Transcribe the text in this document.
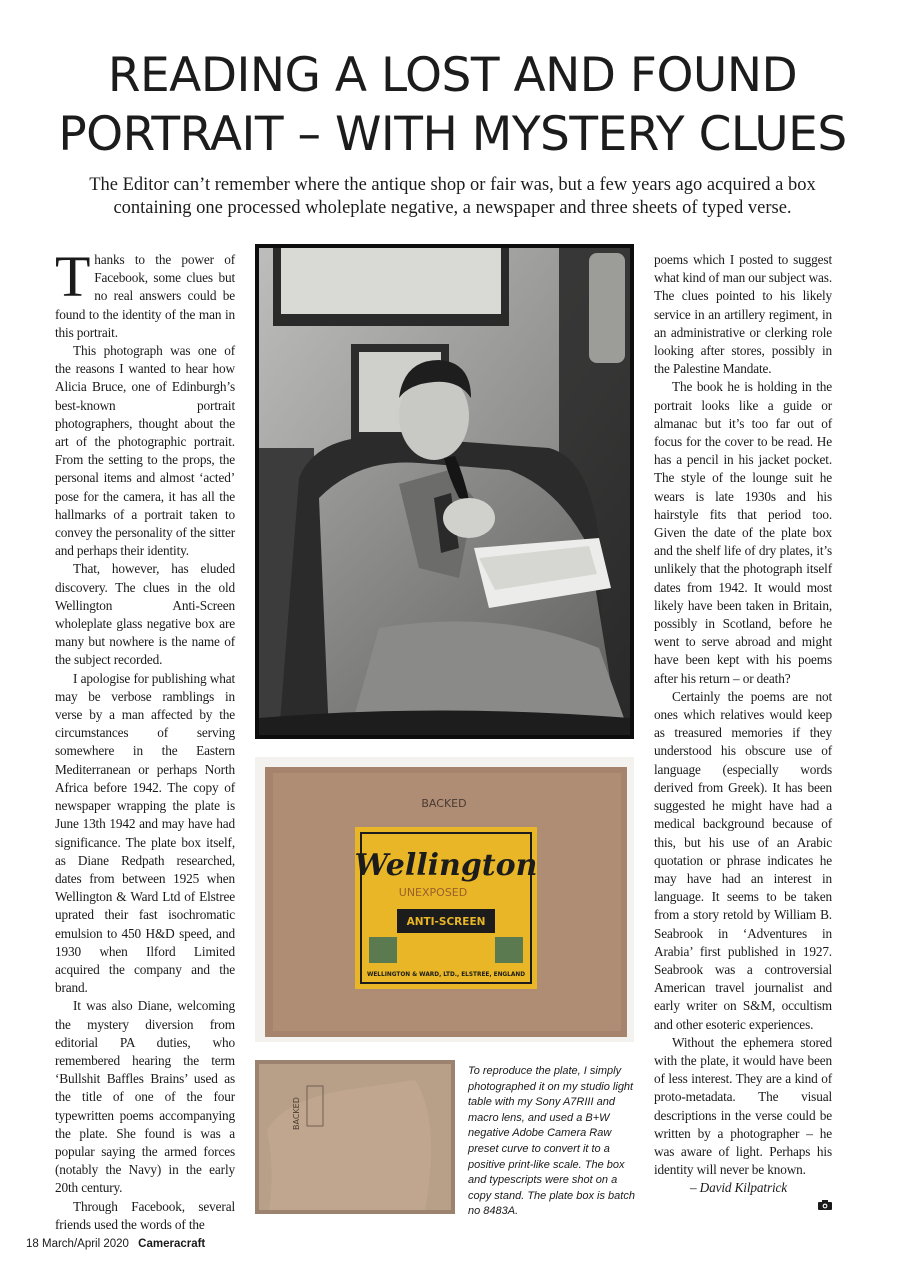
READING A LOST AND FOUND
PORTRAIT – WITH MYSTERY CLUES

The Editor can’t remember where the antique shop or fair was, but a few years ago acquired a box containing one processed wholeplate negative, a newspaper and three sheets of typed verse.

Thanks to the power of Facebook, some clues but no real answers could be found to the identity of the man in this portrait.

This photograph was one of the reasons I wanted to hear how Alicia Bruce, one of Edinburgh’s best-known portrait photographers, thought about the art of the photographic portrait. From the setting to the props, the personal items and almost ‘acted’ pose for the camera, it has all the hallmarks of a portrait taken to convey the personality of the sitter and perhaps their identity.

That, however, has eluded discovery. The clues in the old Wellington Anti-Screen wholeplate glass negative box are many but nowhere is the name of the subject recorded.

I apologise for publishing what may be verbose ramblings in verse by a man affected by the circumstances of serving somewhere in the Eastern Mediterranean or perhaps North Africa before 1942. The copy of newspaper wrapping the plate is June 13th 1942 and may have had significance. The plate box itself, as Diane Redpath researched, dates from between 1925 when Wellington & Ward Ltd of Elstree uprated their fast isochromatic emulsion to 450 H&D speed, and 1930 when Ilford Limited acquired the company and the brand.

It was also Diane, welcoming the mystery diversion from editorial PA duties, who remembered hearing the term ‘Bullshit Baffles Brains’ used as the title of one of the four typewritten poems accompanying the plate. She found is was a popular saying the armed forces (notably the Navy) in the early 20th century.

Through Facebook, several friends used the words of the

BACKED
Wellington
UNEXPOSED
ANTI-SCREEN
WELLINGTON & WARD, LTD., ELSTREE, ENGLAND
BACKED

To reproduce the plate, I simply photographed it on my studio light table with my Sony A7RIII and macro lens, and used a B+W negative Adobe Camera Raw preset curve to convert it to a positive print-like scale. The box and typescripts were shot on a copy stand. The plate box is batch no 8483A.

poems which I posted to suggest what kind of man our subject was. The clues pointed to his likely service in an artillery regiment, in an administrative or clerking role looking after stores, possibly in the Palestine Mandate.

The book he is holding in the portrait looks like a guide or almanac but it’s too far out of focus for the cover to be read. He has a pencil in his jacket pocket. The style of the lounge suit he wears is late 1930s and his hairstyle fits that period too. Given the date of the plate box and the shelf life of dry plates, it’s unlikely that the photograph itself dates from 1942. It would most likely have been taken in Britain, possibly in Scotland, before he went to serve abroad and might have been kept with his poems after his return – or death?

Certainly the poems are not ones which relatives would keep as treasured memories if they understood his obscure use of language (especially words derived from Greek). It has been suggested he might have had a medical background because of this, but his use of an Arabic quotation or phrase indicates he may have had an interest in language. It seems to be taken from a story retold by William B. Seabrook in ‘Adventures in Arabia’ first published in 1927. Seabrook was a controversial American travel journalist and early writer on S&M, occultism and other esoteric experiences.

Without the ephemera stored with the plate, it would have been of less interest. They are a kind of proto-metadata. The visual descriptions in the verse could be written by a photographer – he was aware of light. Perhaps his identity will never be known.

– David Kilpatrick

18 March/April 2020 Cameracraft
